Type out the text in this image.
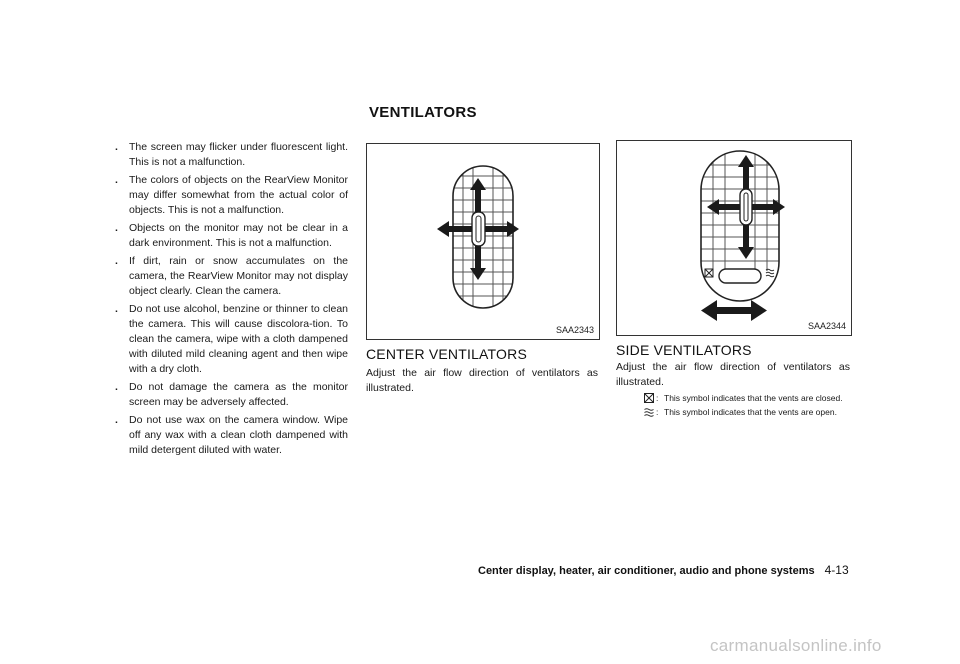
VENTILATORS
. The screen may flicker under fluorescent light. This is not a malfunction.
. The colors of objects on the RearView Monitor may differ somewhat from the actual color of objects. This is not a malfunction.
. Objects on the monitor may not be clear in a dark environment. This is not a malfunction.
. If dirt, rain or snow accumulates on the camera, the RearView Monitor may not display object clearly. Clean the camera.
. Do not use alcohol, benzine or thinner to clean the camera. This will cause discolora-tion. To clean the camera, wipe with a cloth dampened with diluted mild cleaning agent and then wipe with a dry cloth.
. Do not damage the camera as the monitor screen may be adversely affected.
. Do not use wax on the camera window. Wipe off any wax with a clean cloth dampened with mild detergent diluted with water.
SAA2343	SAA2344
CENTER VENTILATORS
Adjust the air flow direction of ventilators as illustrated.
SIDE VENTILATORS
Adjust the air flow direction of ventilators as illustrated.
: This symbol indicates that the vents are closed.
: This symbol indicates that the vents are open.
Center display, heater, air conditioner, audio and phone systems 4-13
carmanualsonline.info
